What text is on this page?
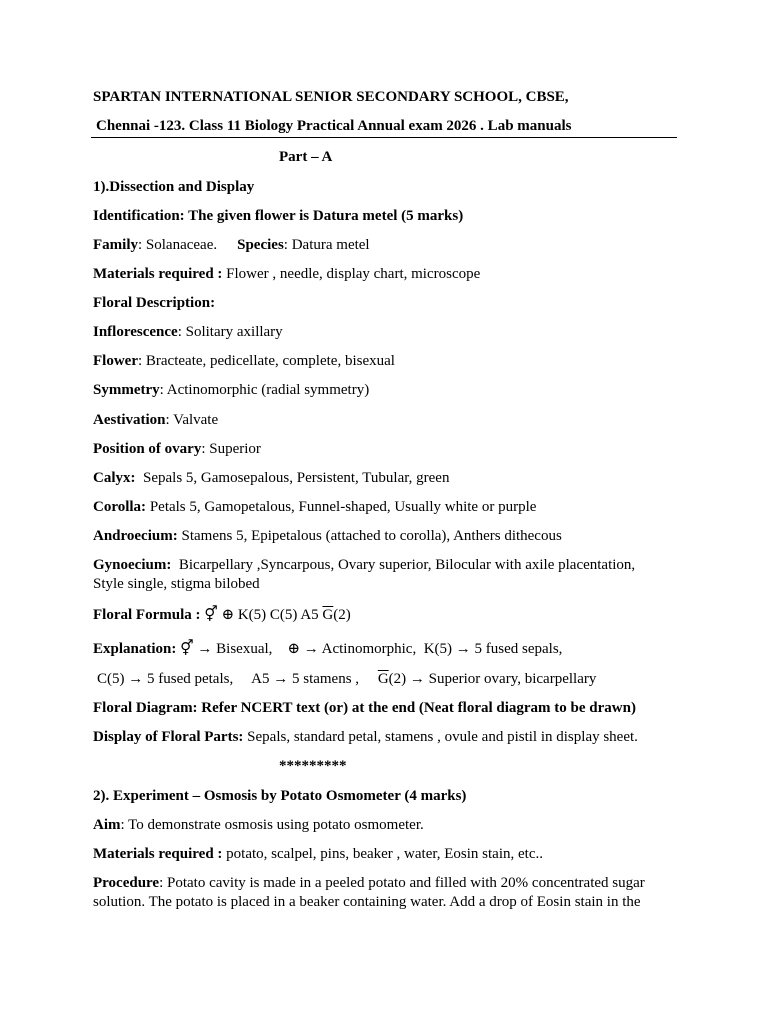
SPARTAN INTERNATIONAL SENIOR SECONDARY SCHOOL, CBSE,
Chennai -123. Class 11 Biology Practical Annual exam 2026 . Lab manuals
Part – A
1).Dissection and Display
Identification: The given flower is Datura metel (5 marks)
Family: Solanaceae. Species: Datura metel
Materials required : Flower , needle, display chart, microscope
Floral Description:
Inflorescence: Solitary axillary
Flower: Bracteate, pedicellate, complete, bisexual
Symmetry: Actinomorphic (radial symmetry)
Aestivation: Valvate
Position of ovary: Superior
Calyx:  Sepals 5, Gamosepalous, Persistent, Tubular, green
Corolla: Petals 5, Gamopetalous, Funnel-shaped, Usually white or purple
Androecium: Stamens 5, Epipetalous (attached to corolla), Anthers dithecous
Gynoecium:  Bicarpellary ,Syncarpous, Ovary superior, Bilocular with axile placentation,
Style single, stigma bilobed
Floral Formula : ⚥ ⊕ K(5) C(5) A5 $\overline{G}(2)$
Explanation: ⚥ → Bisexual,    ⊕ → Actinomorphic,  K(5) → 5 fused sepals,
C(5) → 5 fused petals,     A5 → 5 stamens ,     $\overline{G}(2)$ → Superior ovary, bicarpellary
Floral Diagram: Refer NCERT text (or) at the end (Neat floral diagram to be drawn)
Display of Floral Parts: Sepals, standard petal, stamens , ovule and pistil in display sheet.
*********
2). Experiment – Osmosis by Potato Osmometer (4 marks)
Aim: To demonstrate osmosis using potato osmometer.
Materials required : potato, scalpel, pins, beaker , water, Eosin stain, etc..
Procedure: Potato cavity is made in a peeled potato and filled with 20% concentrated sugar
solution. The potato is placed in a beaker containing water. Add a drop of Eosin stain in the
